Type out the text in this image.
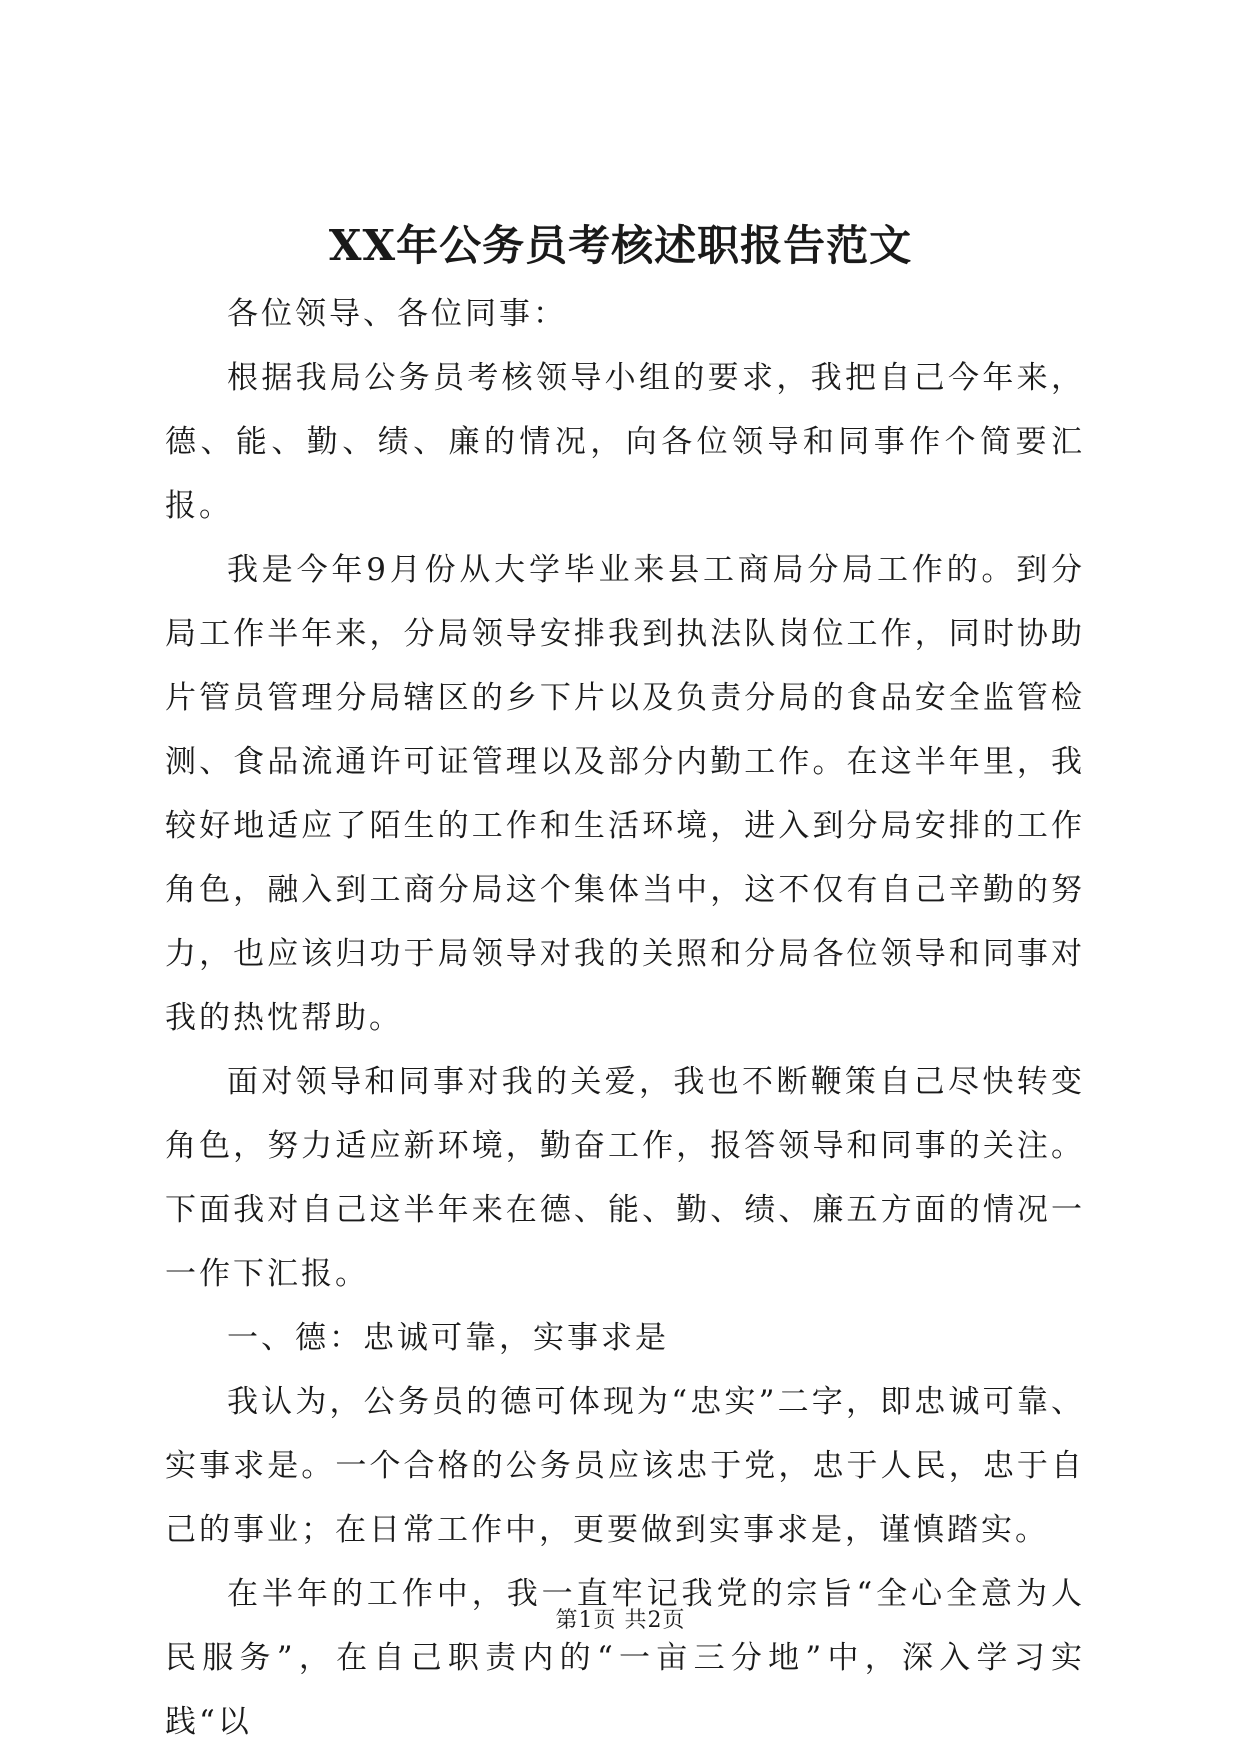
XX年公务员考核述职报告范文

各位领导、各位同事：

根据我局公务员考核领导小组的要求，我把自己今年来，德、能、勤、绩、廉的情况，向各位领导和同事作个简要汇报。

我是今年9月份从大学毕业来县工商局分局工作的。到分局工作半年来，分局领导安排我到执法队岗位工作，同时协助片管员管理分局辖区的乡下片以及负责分局的食品安全监管检测、食品流通许可证管理以及部分内勤工作。在这半年里，我较好地适应了陌生的工作和生活环境，进入到分局安排的工作角色，融入到工商分局这个集体当中，这不仅有自己辛勤的努力，也应该归功于局领导对我的关照和分局各位领导和同事对我的热忱帮助。

面对领导和同事对我的关爱，我也不断鞭策自己尽快转变角色，努力适应新环境，勤奋工作，报答领导和同事的关注。下面我对自己这半年来在德、能、勤、绩、廉五方面的情况一一作下汇报。

一、德：忠诚可靠，实事求是

我认为，公务员的德可体现为“忠实”二字，即忠诚可靠、实事求是。一个合格的公务员应该忠于党，忠于人民，忠于自己的事业；在日常工作中，更要做到实事求是，谨慎踏实。

在半年的工作中，我一直牢记我党的宗旨“全心全意为人民服务”，在自己职责内的“一亩三分地”中，深入学习实践“以

第1页 共2页
